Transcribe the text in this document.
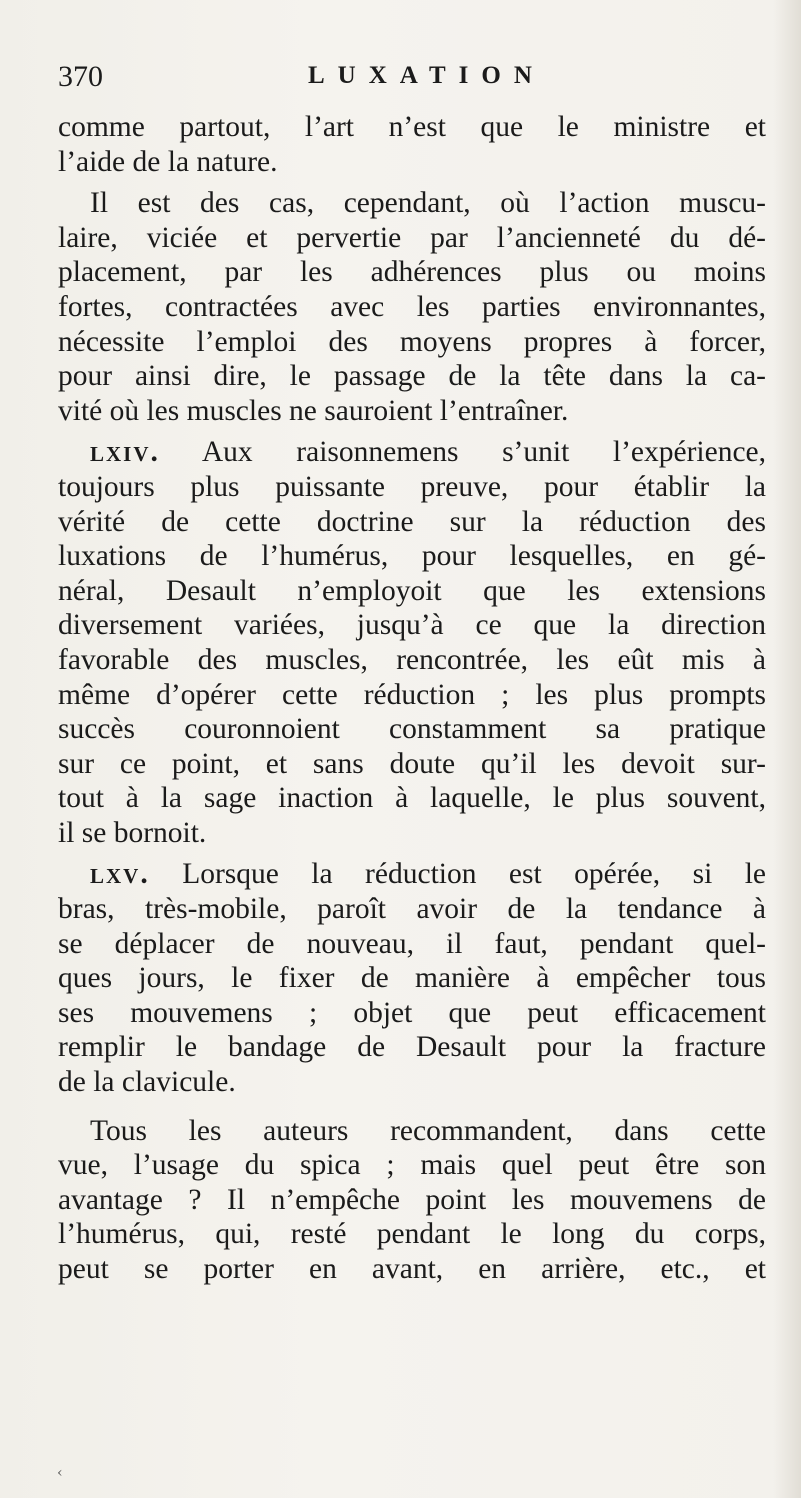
370	LUXATION
comme partout, l’art n’est que le ministre et
l’aide de la nature.
Il est des cas, cependant, où l’action muscu-
laire, viciée et pervertie par l’ancienneté du dé-
placement, par les adhérences plus ou moins
fortes, contractées avec les parties environnantes,
nécessite l’emploi des moyens propres à forcer,
pour ainsi dire, le passage de la tête dans la ca-
vité où les muscles ne sauroient l’entraîner.
lxiv. Aux raisonnemens s’unit l’expérience,
toujours plus puissante preuve, pour établir la
vérité de cette doctrine sur la réduction des
luxations de l’humérus, pour lesquelles, en gé-
néral, Desault n’employoit que les extensions
diversement variées, jusqu’à ce que la direction
favorable des muscles, rencontrée, les eût mis à
même d’opérer cette réduction ; les plus prompts
succès couronnoient constamment sa pratique
sur ce point, et sans doute qu’il les devoit sur-
tout à la sage inaction à laquelle, le plus souvent,
il se bornoit.
lxv. Lorsque la réduction est opérée, si le
bras, très-mobile, paroît avoir de la tendance à
se déplacer de nouveau, il faut, pendant quel-
ques jours, le fixer de manière à empêcher tous
ses mouvemens ; objet que peut efficacement
remplir le bandage de Desault pour la fracture
de la clavicule.
Tous les auteurs recommandent, dans cette
vue, l’usage du spica ; mais quel peut être son
avantage ? Il n’empêche point les mouvemens de
l’humérus, qui, resté pendant le long du corps,
peut se porter en avant, en arrière, etc., et
‹
